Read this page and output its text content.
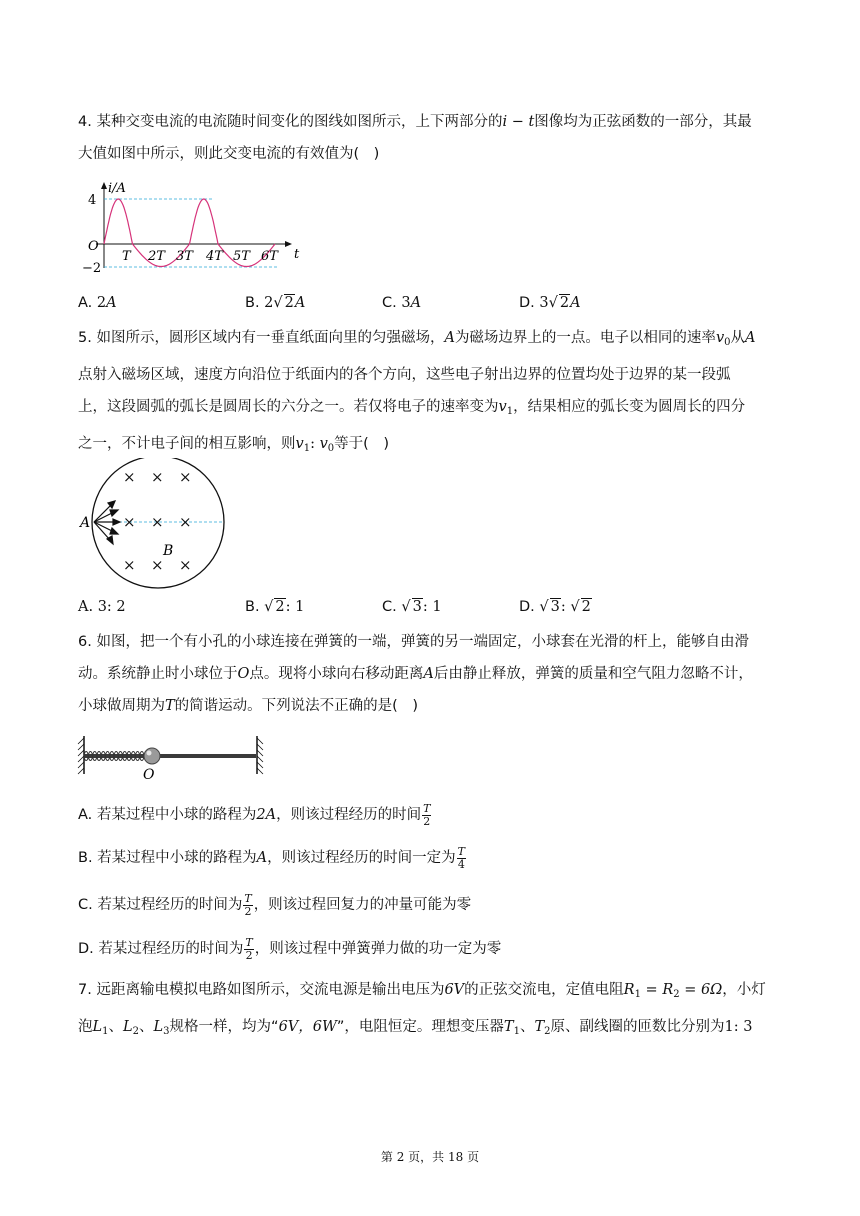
4. 某种交变电流的电流随时间变化的图线如图所示，上下两部分的i − t图像均为正弦函数的一部分，其最
大值如图中所示，则此交变电流的有效值为(　)
i/A
t
O
4
−2
T 2T 3T 4T 5T 6T
A. 2A	B. 2√ 2A	C. 3A	D. 3√ 2A
5. 如图所示，圆形区域内有一垂直纸面向里的匀强磁场，A为磁场边界上的一点。电子以相同的速率$v_0$从A
点射入磁场区域，速度方向沿位于纸面内的各个方向，这些电子射出边界的位置均处于边界的某一段弧
上，这段圆弧的弧长是圆周长的六分之一。若仅将电子的速率变为$v_1$，结果相应的弧长变为圆周长的四分
之一，不计电子间的相互影响，则$v_1$: $v_0$等于(　)
× × ×
× × ×
× × ×
A
B
A. 3: 2	B. √ 2: 1	C. √ 3: 1	D. √ 3: √ 2
6. 如图，把一个有小孔的小球连接在弹簧的一端，弹簧的另一端固定，小球套在光滑的杆上，能够自由滑
动。系统静止时小球位于O点。现将小球向右移动距离A后由静止释放，弹簧的质量和空气阻力忽略不计，
小球做周期为T的简谐运动。下列说法不正确的是(　)
O
A. 若某过程中小球的路程为2A，则该过程经历的时间 $\frac{T}{2}$
B. 若某过程中小球的路程为A，则该过程经历的时间一定为 $\frac{T}{4}$
C. 若某过程经历的时间为 $\frac{T}{2}$ ，则该过程回复力的冲量可能为零
D. 若某过程经历的时间为 $\frac{T}{2}$ ，则该过程中弹簧弹力做的功一定为零
7. 远距离输电模拟电路如图所示，交流电源是输出电压为6V的正弦交流电，定值电阻$R_1 = R_2 = 6\Omega$，小灯
泡$L_1$、$L_2$、$L_3$规格一样，均为“6V，6W”，电阻恒定。理想变压器$T_1$、$T_2$原、副线圈的匝数比分别为1: 3
第 2 页，共 18 页
